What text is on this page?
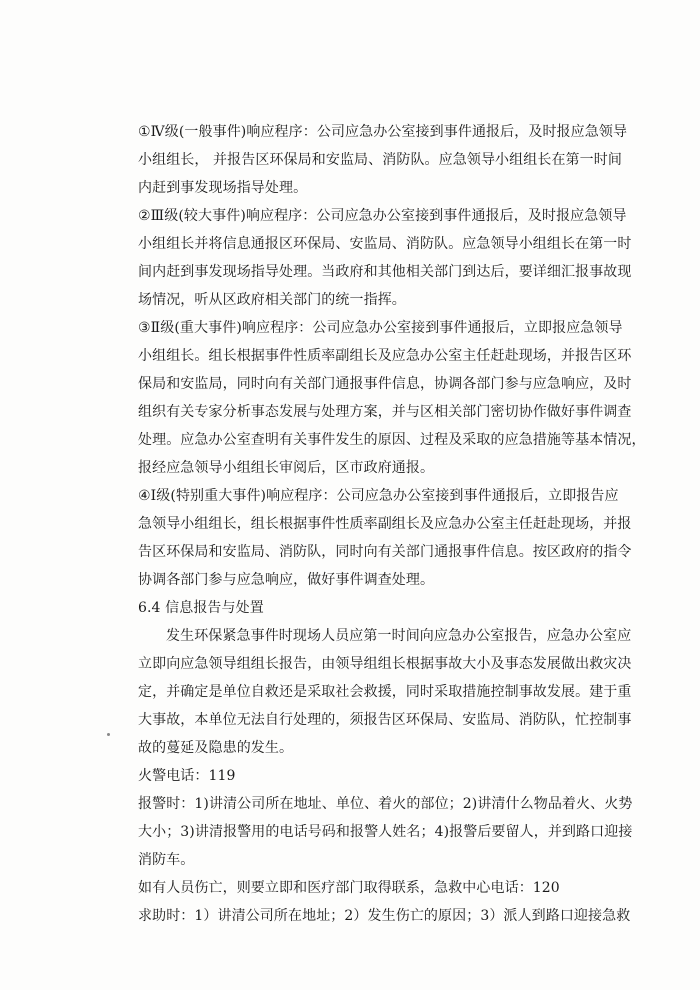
①Ⅳ级(一般事件)响应程序：公司应急办公室接到事件通报后，及时报应急领导
小组组长， 并报告区环保局和安监局、消防队。应急领导小组组长在第一时间
内赶到事发现场指导处理。
②Ⅲ级(较大事件)响应程序：公司应急办公室接到事件通报后，及时报应急领导
小组组长并将信息通报区环保局、安监局、消防队。应急领导小组组长在第一时
间内赶到事发现场指导处理。当政府和其他相关部门到达后，要详细汇报事故现
场情况，听从区政府相关部门的统一指挥。
③Ⅱ级(重大事件)响应程序：公司应急办公室接到事件通报后，立即报应急领导
小组组长。组长根据事件性质率副组长及应急办公室主任赶赴现场，并报告区环
保局和安监局，同时向有关部门通报事件信息，协调各部门参与应急响应，及时
组织有关专家分析事态发展与处理方案，并与区相关部门密切协作做好事件调查
处理。应急办公室查明有关事件发生的原因、过程及采取的应急措施等基本情况，
报经应急领导小组组长审阅后，区市政府通报。
④Ⅰ级(特别重大事件)响应程序：公司应急办公室接到事件通报后，立即报告应
急领导小组组长，组长根据事件性质率副组长及应急办公室主任赶赴现场，并报
告区环保局和安监局、消防队，同时向有关部门通报事件信息。按区政府的指令
协调各部门参与应急响应，做好事件调查处理。
6.4 信息报告与处置
发生环保紧急事件时现场人员应第一时间向应急办公室报告，应急办公室应
立即向应急领导组组长报告，由领导组组长根据事故大小及事态发展做出救灾决
定，并确定是单位自救还是采取社会救援，同时采取措施控制事故发展。建于重
大事故，本单位无法自行处理的，须报告区环保局、安监局、消防队，忙控制事
故的蔓延及隐患的发生。
火警电话：119
报警时：1)讲清公司所在地址、单位、着火的部位；2)讲清什么物品着火、火势
大小；3)讲清报警用的电话号码和报警人姓名；4)报警后要留人，并到路口迎接
消防车。
如有人员伤亡，则要立即和医疗部门取得联系，急救中心电话：120
求助时：1）讲清公司所在地址；2）发生伤亡的原因；3）派人到路口迎接急救
